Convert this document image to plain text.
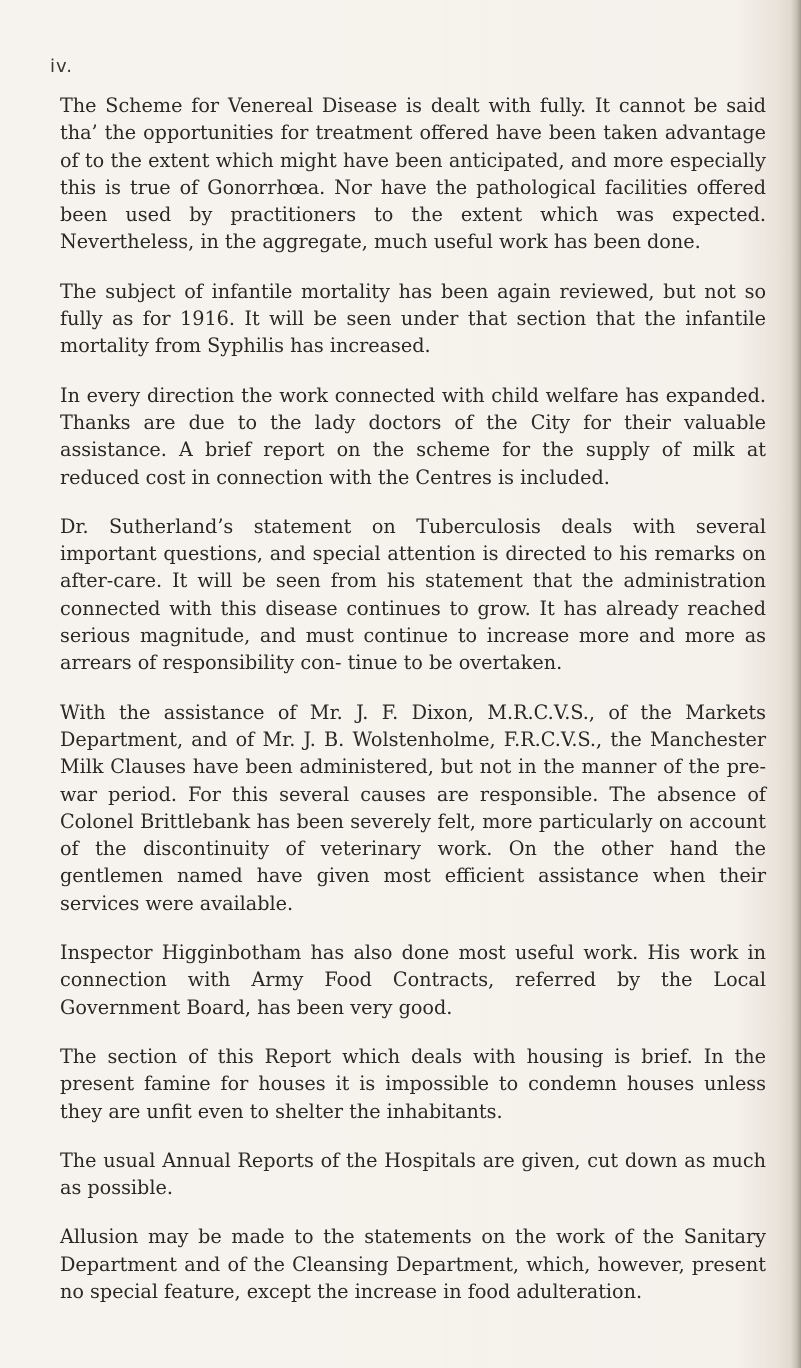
iv.

The Scheme for Venereal Disease is dealt with fully. It cannot be said tha’ the opportunities for treatment offered have been taken advantage of to the extent which might have been anticipated, and more especially this is true of Gonorrhœa. Nor have the pathological facilities offered been used by practitioners to the extent which was expected. Nevertheless, in the aggregate, much useful work has been done.

The subject of infantile mortality has been again reviewed, but not so fully as for 1916. It will be seen under that section that the infantile mortality from Syphilis has increased.

In every direction the work connected with child welfare has expanded. Thanks are due to the lady doctors of the City for their valuable assistance. A brief report on the scheme for the supply of milk at reduced cost in connection with the Centres is included.

Dr. Sutherland’s statement on Tuberculosis deals with several important questions, and special attention is directed to his remarks on after-care. It will be seen from his statement that the administration connected with this disease continues to grow. It has already reached serious magnitude, and must continue to increase more and more as arrears of responsibility con- tinue to be overtaken.

With the assistance of Mr. J. F. Dixon, M.R.C.V.S., of the Markets Department, and of Mr. J. B. Wolstenholme, F.R.C.V.S., the Manchester Milk Clauses have been administered, but not in the manner of the pre-war period. For this several causes are responsible. The absence of Colonel Brittlebank has been severely felt, more particularly on account of the discontinuity of veterinary work. On the other hand the gentlemen named have given most efficient assistance when their services were available.

Inspector Higginbotham has also done most useful work. His work in connection with Army Food Contracts, referred by the Local Government Board, has been very good.

The section of this Report which deals with housing is brief. In the present famine for houses it is impossible to condemn houses unless they are unfit even to shelter the inhabitants.

The usual Annual Reports of the Hospitals are given, cut down as much as possible.

Allusion may be made to the statements on the work of the Sanitary Department and of the Cleansing Department, which, however, present no special feature, except the increase in food adulteration.
